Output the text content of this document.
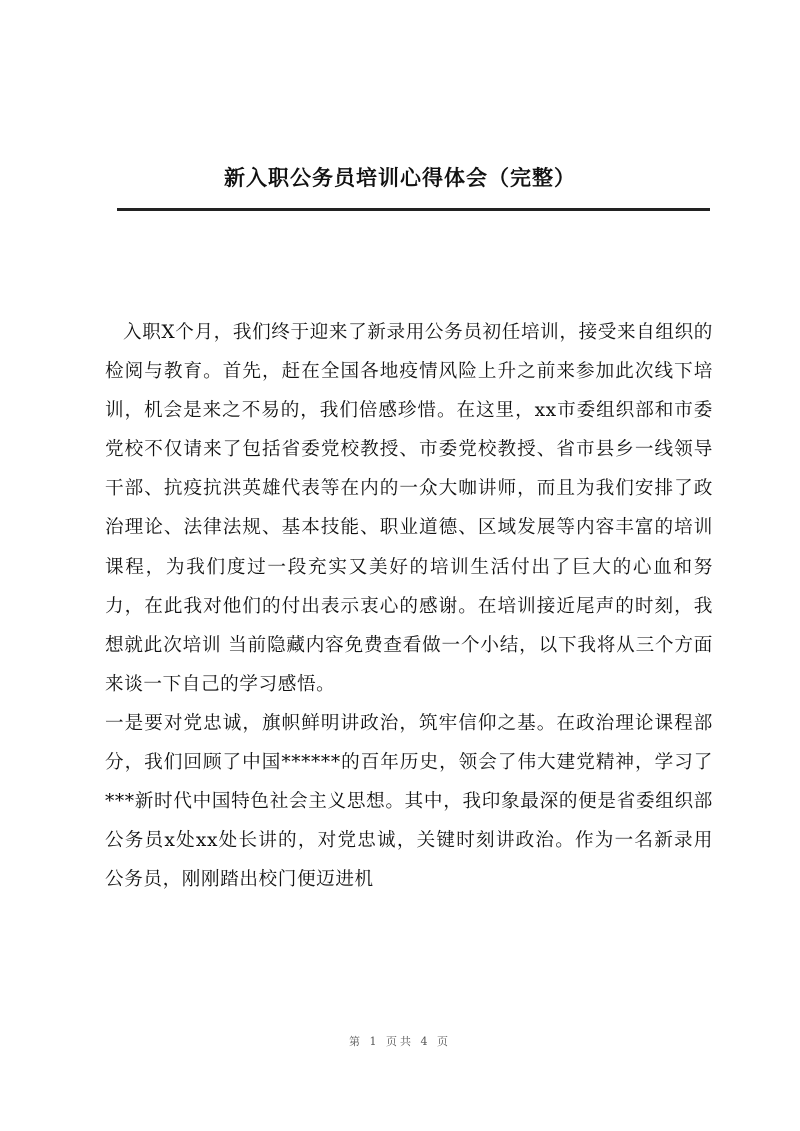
新入职公务员培训心得体会（完整）

入职X个月，我们终于迎来了新录用公务员初任培训，接受来自组织的检阅与教育。首先，赶在全国各地疫情风险上升之前来参加此次线下培训，机会是来之不易的，我们倍感珍惜。在这里，xx市委组织部和市委党校不仅请来了包括省委党校教授、市委党校教授、省市县乡一线领导干部、抗疫抗洪英雄代表等在内的一众大咖讲师，而且为我们安排了政治理论、法律法规、基本技能、职业道德、区域发展等内容丰富的培训课程，为我们度过一段充实又美好的培训生活付出了巨大的心血和努力，在此我对他们的付出表示衷心的感谢。在培训接近尾声的时刻，我想就此次培训 当前隐藏内容免费查看做一个小结，以下我将从三个方面来谈一下自己的学习感悟。

一是要对党忠诚，旗帜鲜明讲政治，筑牢信仰之基。在政治理论课程部分，我们回顾了中国******的百年历史，领会了伟大建党精神，学习了***新时代中国特色社会主义思想。其中，我印象最深的便是省委组织部公务员x处xx处长讲的，对党忠诚，关键时刻讲政治。作为一名新录用公务员，刚刚踏出校门便迈进机

第 1 页共 4 页
